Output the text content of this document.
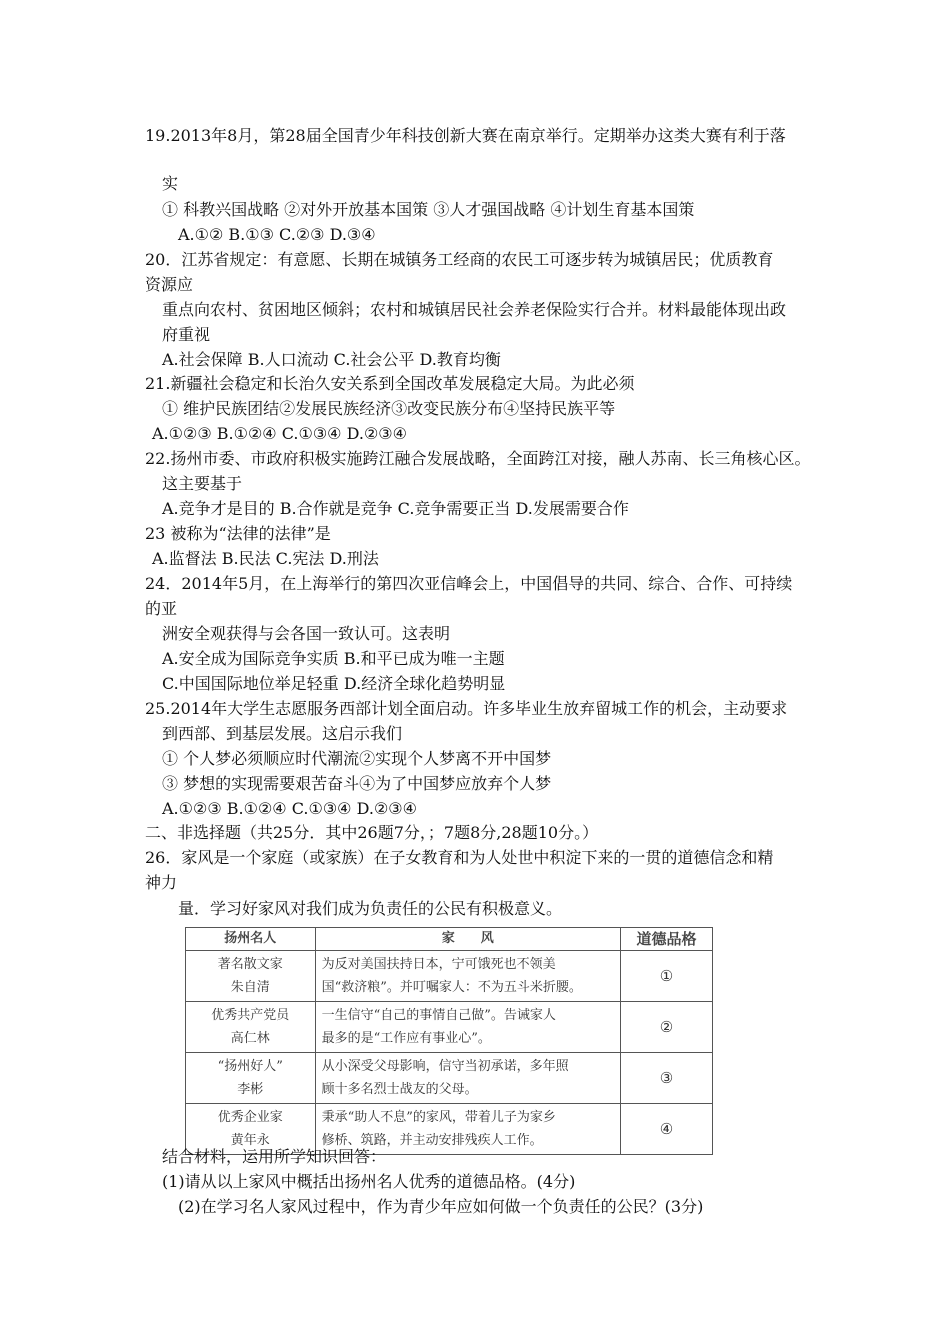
19.2013年8月，第28届全国青少年科技创新大赛在南京举行。定期举办这类大赛有利于落
实
① 科教兴国战略 ②对外开放基本国策 ③人才强国战略 ④计划生育基本国策
A.①② B.①③ C.②③ D.③④
20．江苏省规定：有意愿、长期在城镇务工经商的农民工可逐步转为城镇居民；优质教育
资源应
重点向农村、贫困地区倾斜；农村和城镇居民社会养老保险实行合并。材料最能体现出政
府重视
A.社会保障 B.人口流动 C.社会公平 D.教育均衡
21.新疆社会稳定和长治久安关系到全国改革发展稳定大局。为此必须
① 维护民族团结②发展民族经济③改变民族分布④坚持民族平等
A.①②③ B.①②④ C.①③④ D.②③④
22.扬州市委、市政府积极实施跨江融合发展战略，全面跨江对接，融人苏南、长三角核心区。
这主要基于
A.竞争才是目的 B.合作就是竞争 C.竞争需要正当 D.发展需要合作
23 被称为“法律的法律”是
A.监督法 B.民法 C.宪法 D.刑法
24．2014年5月，在上海举行的第四次亚信峰会上，中国倡导的共同、综合、合作、可持续
的亚
洲安全观获得与会各国一致认可。这表明
A.安全成为国际竞争实质 B.和平已成为唯一主题
C.中国国际地位举足轻重 D.经济全球化趋势明显
25.2014年大学生志愿服务西部计划全面启动。许多毕业生放弃留城工作的机会，主动要求
到西部、到基层发展。这启示我们
① 个人梦必须顺应时代潮流②实现个人梦离不开中国梦
③ 梦想的实现需要艰苦奋斗④为了中国梦应放弃个人梦
A.①②③ B.①②④ C.①③④ D.②③④
二、非选择题（共25分．其中26题7分，；7题8分,28题10分。）
26．家风是一个家庭（或家族）在子女教育和为人处世中积淀下来的一贯的道德信念和精
神力
量．学习好家风对我们成为负责任的公民有积极意义。
扬州名人	家　　风	道德品格

著名散文家
朱自清	为反对美国扶持日本，宁可饿死也不领美
国“救济粮”。并叮嘱家人：不为五斗米折腰。	①

优秀共产党员
高仁林	一生信守“自己的事情自己做”。告诫家人
最多的是“工作应有事业心”。	②

“扬州好人”
李彬	从小深受父母影响，信守当初承诺，多年照
顾十多名烈士战友的父母。	③

优秀企业家
黄年永	秉承“助人不息”的家风，带着儿子为家乡
修桥、筑路，并主动安排残疾人工作。	④
结合材料，运用所学知识回答：
(1)请从以上家风中概括出扬州名人优秀的道德品格。(4分)
(2)在学习名人家风过程中，作为青少年应如何做一个负责任的公民？(3分)
